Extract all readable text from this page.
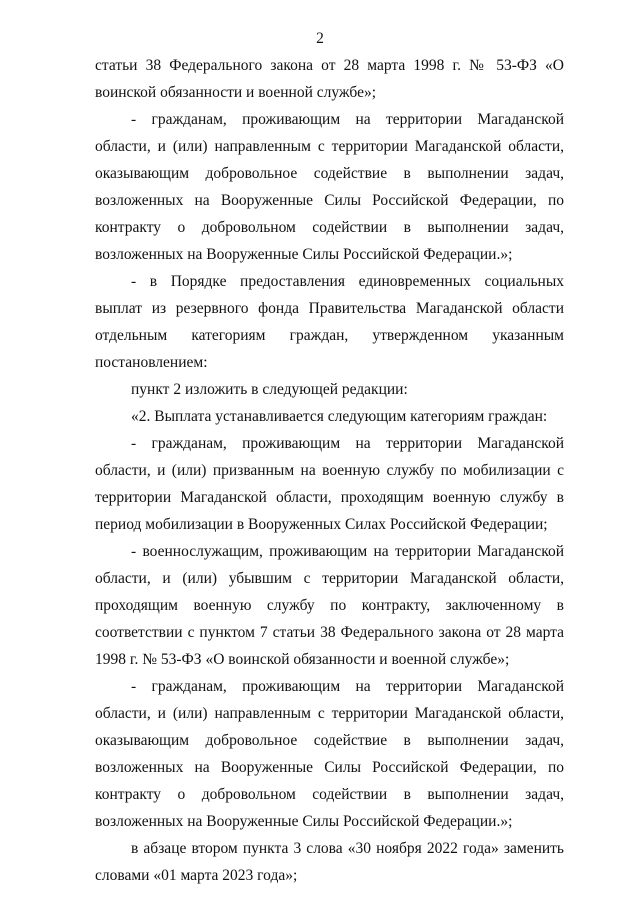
2

статьи 38 Федерального закона от 28 марта 1998 г. № 53-ФЗ «О воинской обязанности и военной службе»;

- гражданам, проживающим на территории Магаданской области, и (или) направленным с территории Магаданской области, оказывающим добровольное содействие в выполнении задач, возложенных на Вооруженные Силы Российской Федерации, по контракту о добровольном содействии в выполнении задач, возложенных на Вооруженные Силы Российской Федерации.»;

- в Порядке предоставления единовременных социальных выплат из резервного фонда Правительства Магаданской области отдельным категориям граждан, утвержденном указанным постановлением:

пункт 2 изложить в следующей редакции:

«2. Выплата устанавливается следующим категориям граждан:

- гражданам, проживающим на территории Магаданской области, и (или) призванным на военную службу по мобилизации с территории Магаданской области, проходящим военную службу в период мобилизации в Вооруженных Силах Российской Федерации;

- военнослужащим, проживающим на территории Магаданской области, и (или) убывшим с территории Магаданской области, проходящим военную службу по контракту, заключенному в соответствии с пунктом 7 статьи 38 Федерального закона от 28 марта 1998 г. № 53-ФЗ «О воинской обязанности и военной службе»;

- гражданам, проживающим на территории Магаданской области, и (или) направленным с территории Магаданской области, оказывающим добровольное содействие в выполнении задач, возложенных на Вооруженные Силы Российской Федерации, по контракту о добровольном содействии в выполнении задач, возложенных на Вооруженные Силы Российской Федерации.»;

в абзаце втором пункта 3 слова «30 ноября 2022 года» заменить словами «01 марта 2023 года»;
